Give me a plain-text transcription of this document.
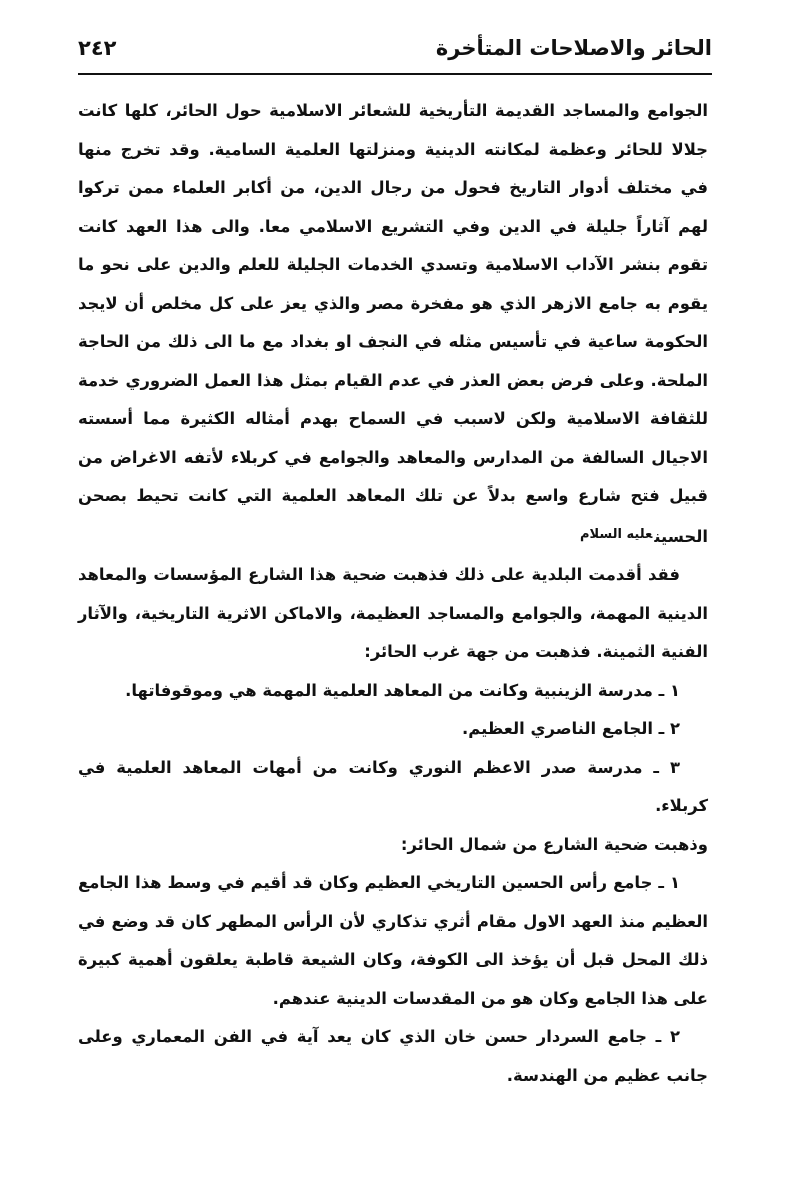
الحائر والاصلاحات المتأخرة
٢٤٢

الجوامع والمساجد القديمة التأريخية للشعائر الاسلامية حول الحائر، كلها كانت جلالا للحائر وعظمة لمكانته الدينية ومنزلتها العلمية السامية. وقد تخرج منها في مختلف أدوار التاريخ فحول من رجال الدين، من أكابر العلماء ممن تركوا لهم آثاراً جليلة في الدين وفي التشريع الاسلامي معا. والى هذا العهد كانت تقوم بنشر الآداب الاسلامية وتسدي الخدمات الجليلة للعلم والدين على نحو ما يقوم به جامع الازهر الذي هو مفخرة مصر والذي يعز على كل مخلص أن لايجد الحكومة ساعية في تأسيس مثله في النجف او بغداد مع ما الى ذلك من الحاجة الملحة. وعلى فرض بعض العذر في عدم القيام بمثل هذا العمل الضروري خدمة للثقافة الاسلامية ولكن لاسبب في السماح بهدم أمثاله الكثيرة مما أسسته الاجيال السالفة من المدارس والمعاهد والجوامع في كربلاء لأتفه الاغراض من قبيل فتح شارع واسع بدلاً عن تلك المعاهد العلمية التي كانت تحيط بصحن الحسين$^{عليه السلام}$

فقد أقدمت البلدية على ذلك فذهبت ضحية هذا الشارع المؤسسات والمعاهد الدينية المهمة، والجوامع والمساجد العظيمة، والاماكن الاثرية التاريخية، والآثار الفنية الثمينة. فذهبت من جهة غرب الحائر:

١ ـ مدرسة الزينبية وكانت من المعاهد العلمية المهمة هي وموقوفاتها.

٢ ـ الجامع الناصري العظيم.

٣ ـ مدرسة صدر الاعظم النوري وكانت من أمهات المعاهد العلمية في كربلاء.

وذهبت ضحية الشارع من شمال الحائر:

١ ـ جامع رأس الحسين التاريخي العظيم وكان قد أقيم في وسط هذا الجامع العظيم منذ العهد الاول مقام أثري تذكاري لأن الرأس المطهر كان قد وضع في ذلك المحل قبل أن يؤخذ الى الكوفة، وكان الشيعة قاطبة يعلقون أهمية كبيرة على هذا الجامع وكان هو من المقدسات الدينية عندهم.

٢ ـ جامع السردار حسن خان الذي كان يعد آية في الفن المعماري وعلى جانب عظيم من الهندسة.
